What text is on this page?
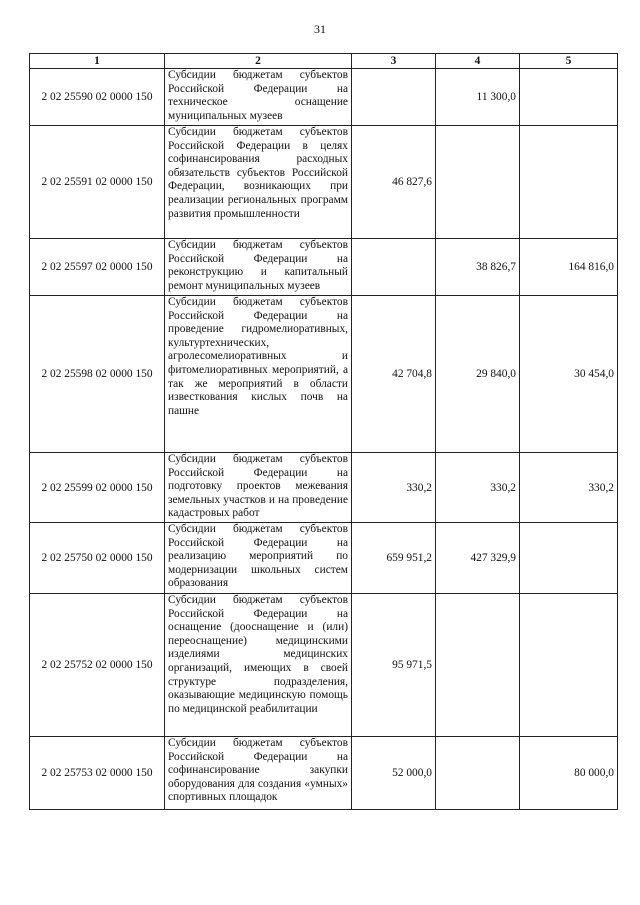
31
1	2	3	4	5
2 02 25590 02 0000 150	Субсидии бюджетам субъектов Российской Федерации на техническое оснащение муниципальных музеев		11 300,0	
2 02 25591 02 0000 150	Субсидии бюджетам субъектов Российской Федерации в целях софинансирования расходных обязательств субъектов Российской Федерации, возникающих при реализации региональных программ развития промышленности	46 827,6		
2 02 25597 02 0000 150	Субсидии бюджетам субъектов Российской Федерации на реконструкцию и капитальный ремонт муниципальных музеев		38 826,7	164 816,0
2 02 25598 02 0000 150	Субсидии бюджетам субъектов Российской Федерации на проведение гидромелиоративных, культуртехнических, агролесомелиоративных и фитомелиоративных мероприятий, а так же мероприятий в области известкования кислых почв на пашне	42 704,8	29 840,0	30 454,0
2 02 25599 02 0000 150	Субсидии бюджетам субъектов Российской Федерации на подготовку проектов межевания земельных участков и на проведение кадастровых работ	330,2	330,2	330,2
2 02 25750 02 0000 150	Субсидии бюджетам субъектов Российской Федерации на реализацию мероприятий по модернизации школьных систем образования	659 951,2	427 329,9	
2 02 25752 02 0000 150	Субсидии бюджетам субъектов Российской Федерации на оснащение (дооснащение и (или) переоснащение) медицинскими изделиями медицинских организаций, имеющих в своей структуре подразделения, оказывающие медицинскую помощь по медицинской реабилитации	95 971,5		
2 02 25753 02 0000 150	Субсидии бюджетам субъектов Российской Федерации на софинансирование закупки оборудования для создания «умных» спортивных площадок	52 000,0		80 000,0
